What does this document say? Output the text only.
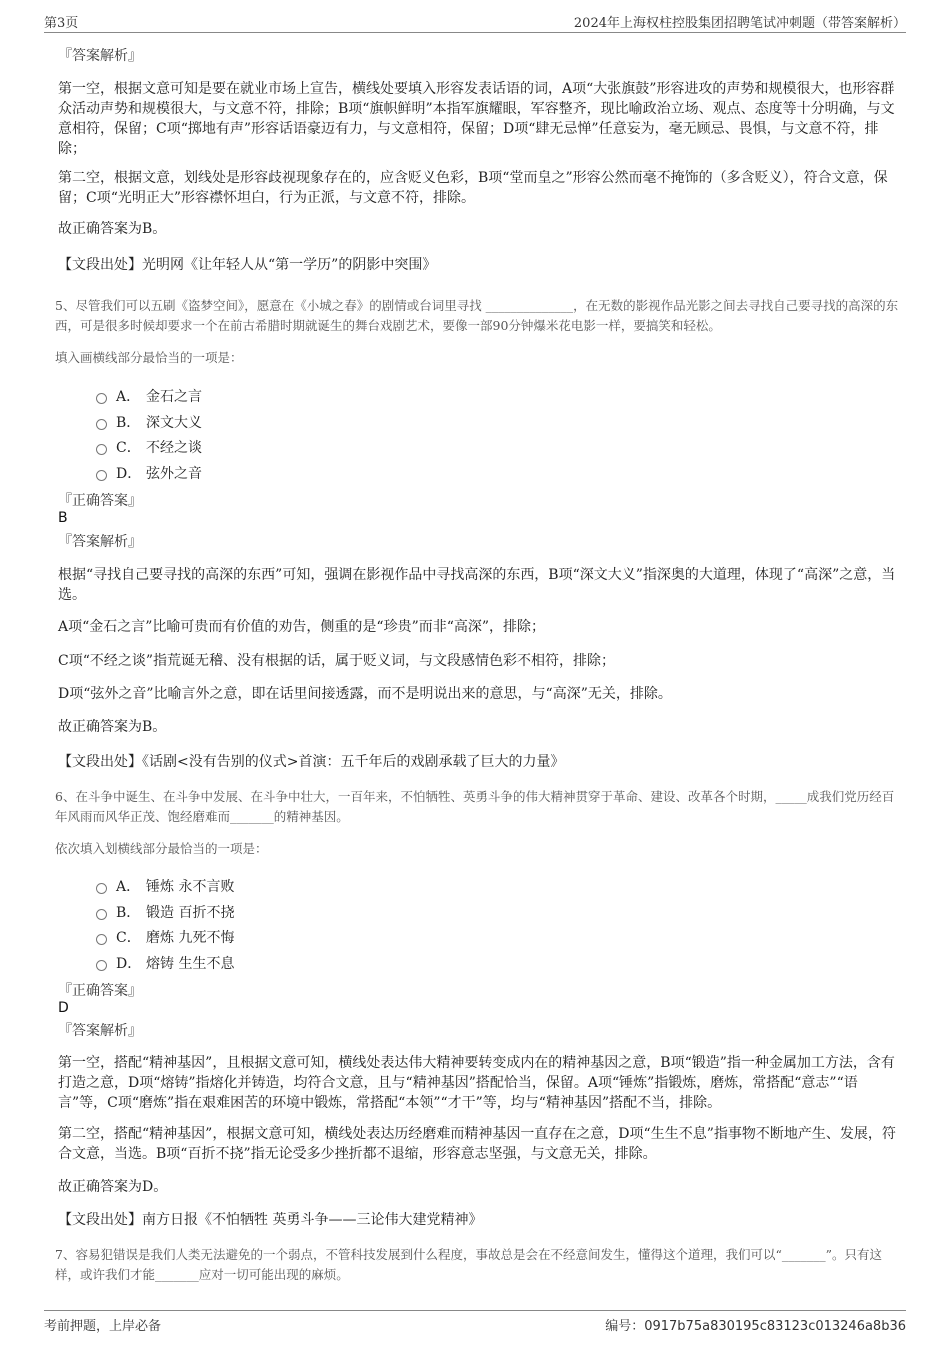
第3页	2024年上海权柱控股集团招聘笔试冲刺题（带答案解析）
『答案解析』
第一空，根据文意可知是要在就业市场上宣告，横线处要填入形容发表话语的词，A项“大张旗鼓”形容进攻的声势和规模很大，也形容群众活动声势和规模很大，与文意不符，排除；B项“旗帜鲜明”本指军旗耀眼，军容整齐，现比喻政治立场、观点、态度等十分明确，与文意相符，保留；C项“掷地有声”形容话语豪迈有力，与文意相符，保留；D项“肆无忌惮”任意妄为，毫无顾忌、畏惧，与文意不符，排除；
第二空，根据文意，划线处是形容歧视现象存在的，应含贬义色彩，B项“堂而皇之”形容公然而毫不掩饰的（多含贬义），符合文意，保留；C项“光明正大”形容襟怀坦白，行为正派，与文意不符，排除。
故正确答案为B。
【文段出处】光明网《让年轻人从“第一学历”的阴影中突围》
5、尽管我们可以五刷《盗梦空间》，愿意在《小城之春》的剧情或台词里寻找 ______________，在无数的影视作品光影之间去寻找自己要寻找的高深的东西，可是很多时候却要求一个在前古希腊时期就诞生的舞台戏剧艺术，要像一部90分钟爆米花电影一样，要搞笑和轻松。
填入画横线部分最恰当的一项是：
A． 金石之言
B． 深文大义
C． 不经之谈
D． 弦外之音
『正确答案』
B
『答案解析』
根据“寻找自己要寻找的高深的东西”可知，强调在影视作品中寻找高深的东西，B项“深文大义”指深奥的大道理，体现了“高深”之意，当选。
A项“金石之言”比喻可贵而有价值的劝告，侧重的是“珍贵”而非“高深”，排除；
C项“不经之谈”指荒诞无稽、没有根据的话，属于贬义词，与文段感情色彩不相符，排除；
D项“弦外之音”比喻言外之意，即在话里间接透露，而不是明说出来的意思，与“高深”无关，排除。
故正确答案为B。
【文段出处】《话剧<没有告别的仪式>首演：五千年后的戏剧承载了巨大的力量》
6、在斗争中诞生、在斗争中发展、在斗争中壮大，一百年来，不怕牺牲、英勇斗争的伟大精神贯穿于革命、建设、改革各个时期，_____成我们党历经百年风雨而风华正茂、饱经磨难而_______的精神基因。
依次填入划横线部分最恰当的一项是：
A． 锤炼 永不言败
B． 锻造 百折不挠
C． 磨炼 九死不悔
D． 熔铸 生生不息
『正确答案』
D
『答案解析』
第一空，搭配“精神基因”，且根据文意可知，横线处表达伟大精神要转变成内在的精神基因之意，B项“锻造”指一种金属加工方法，含有打造之意，D项“熔铸”指熔化并铸造，均符合文意，且与“精神基因”搭配恰当，保留。A项“锤炼”指锻炼，磨炼，常搭配“意志”“语言”等，C项“磨炼”指在艰难困苦的环境中锻炼，常搭配“本领”“才干”等，均与“精神基因”搭配不当，排除。
第二空，搭配“精神基因”，根据文意可知，横线处表达历经磨难而精神基因一直存在之意，D项“生生不息”指事物不断地产生、发展，符合文意，当选。B项“百折不挠”指无论受多少挫折都不退缩，形容意志坚强，与文意无关，排除。
故正确答案为D。
【文段出处】南方日报《不怕牺牲 英勇斗争——三论伟大建党精神》
7、容易犯错误是我们人类无法避免的一个弱点，不管科技发展到什么程度，事故总是会在不经意间发生，懂得这个道理，我们可以“_______”。只有这样，或许我们才能_______应对一切可能出现的麻烦。
考前押题，上岸必备	编号：0917b75a830195c83123c013246a8b36
